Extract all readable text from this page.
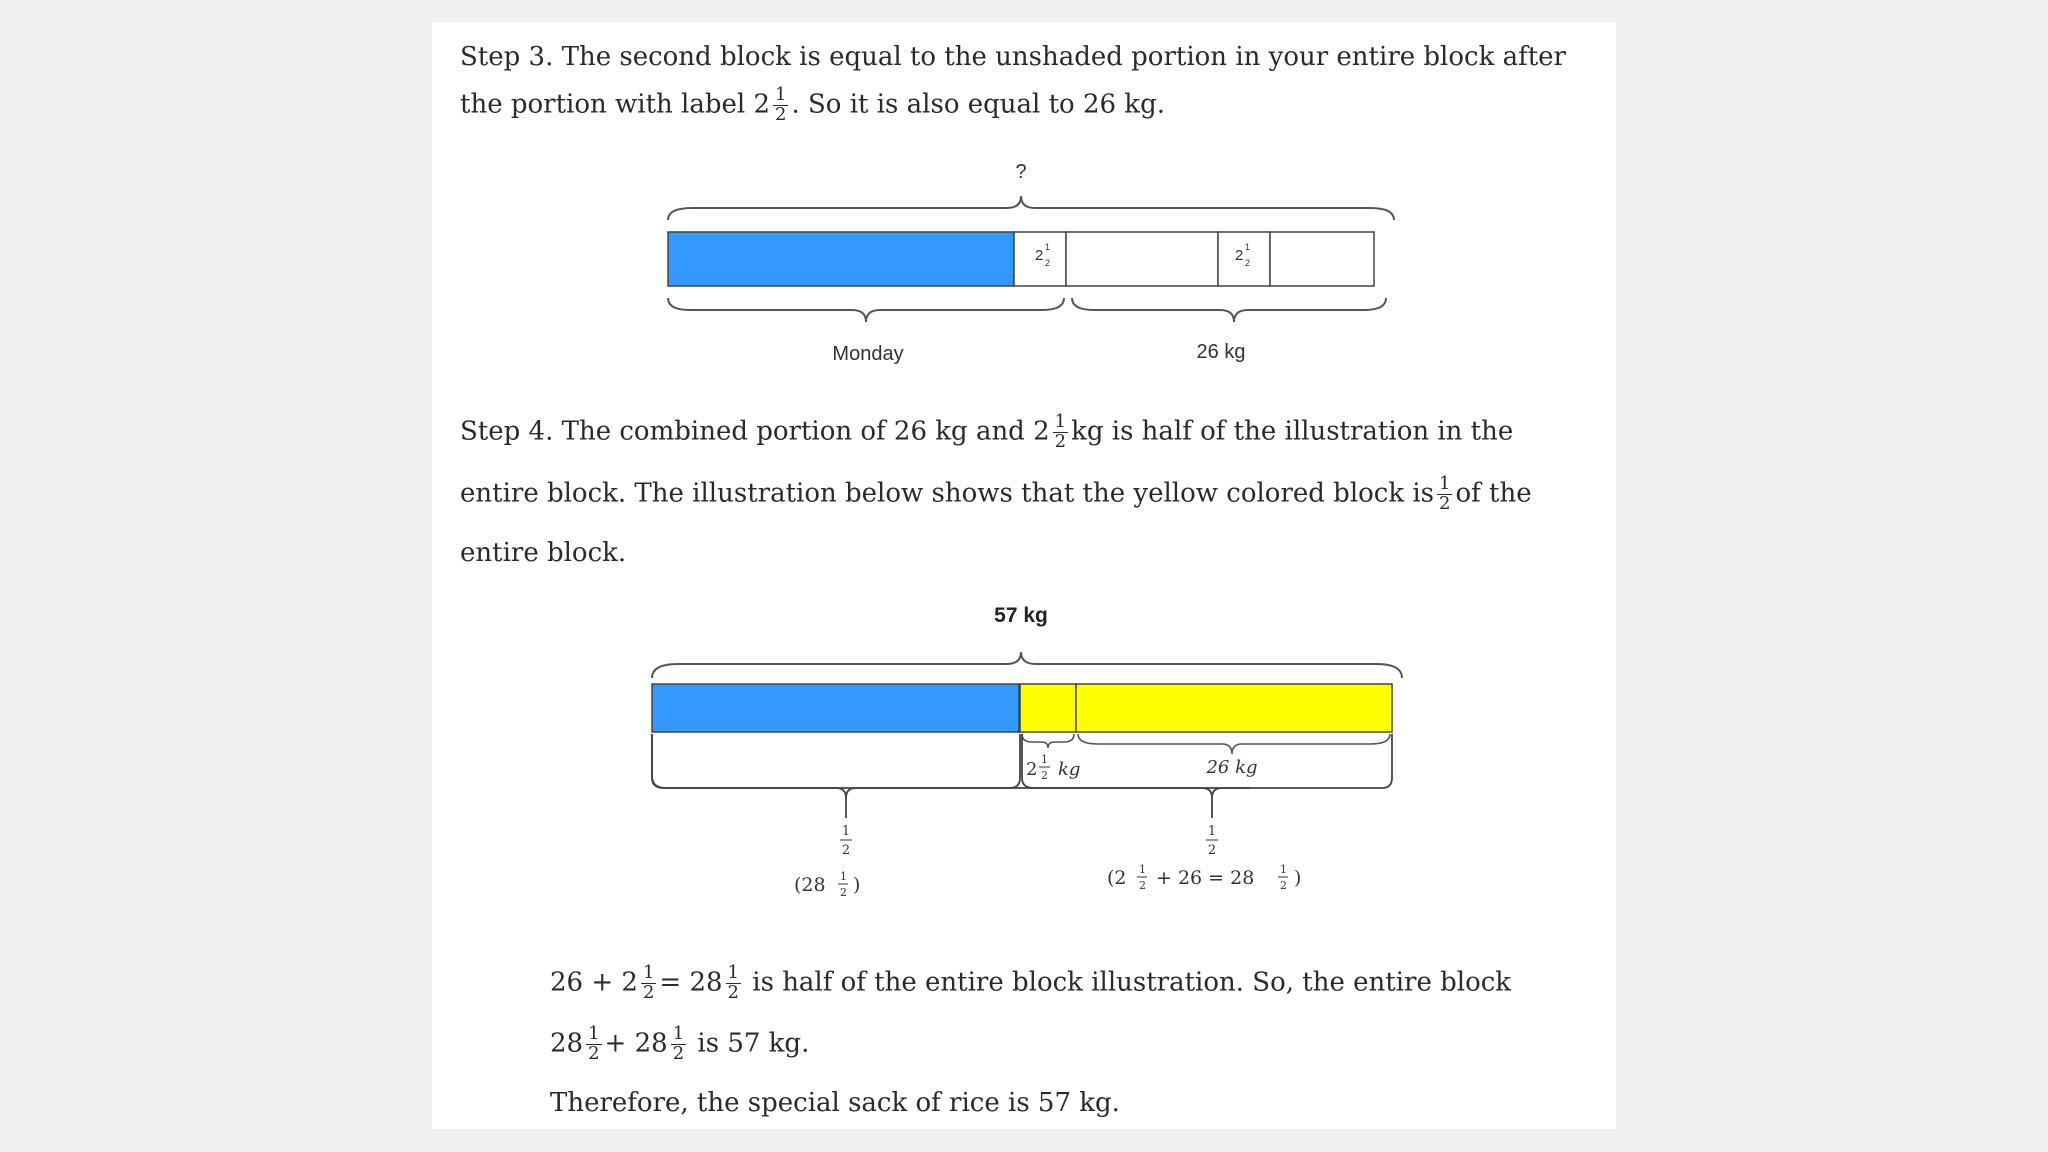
Step 3. The second block is equal to the unshaded portion in your entire block after

the portion with label $2 \frac{1}{2}$ . So it is also equal to 26 kg.

?
2 1
2	2 1
2
Monday	26 kg

Step 4. The combined portion of 26 kg and $2 \frac{1}{2}$ kg is half of the illustration in the

entire block. The illustration below shows that the yellow colored block is $\frac{1}{2}$ of the

entire block.

57 kg
2 1
2 kg	26 kg
1
2
1
2
(28 1
2 )	(2 1
2 + 26 = 28 1
2 )

$26 + 2 \frac{1}{2} = 28 \frac{1}{2}$ is half of the entire block illustration. So, the entire block

$28 \frac{1}{2} + 28 \frac{1}{2}$ is 57 kg.

Therefore, the special sack of rice is 57 kg.
